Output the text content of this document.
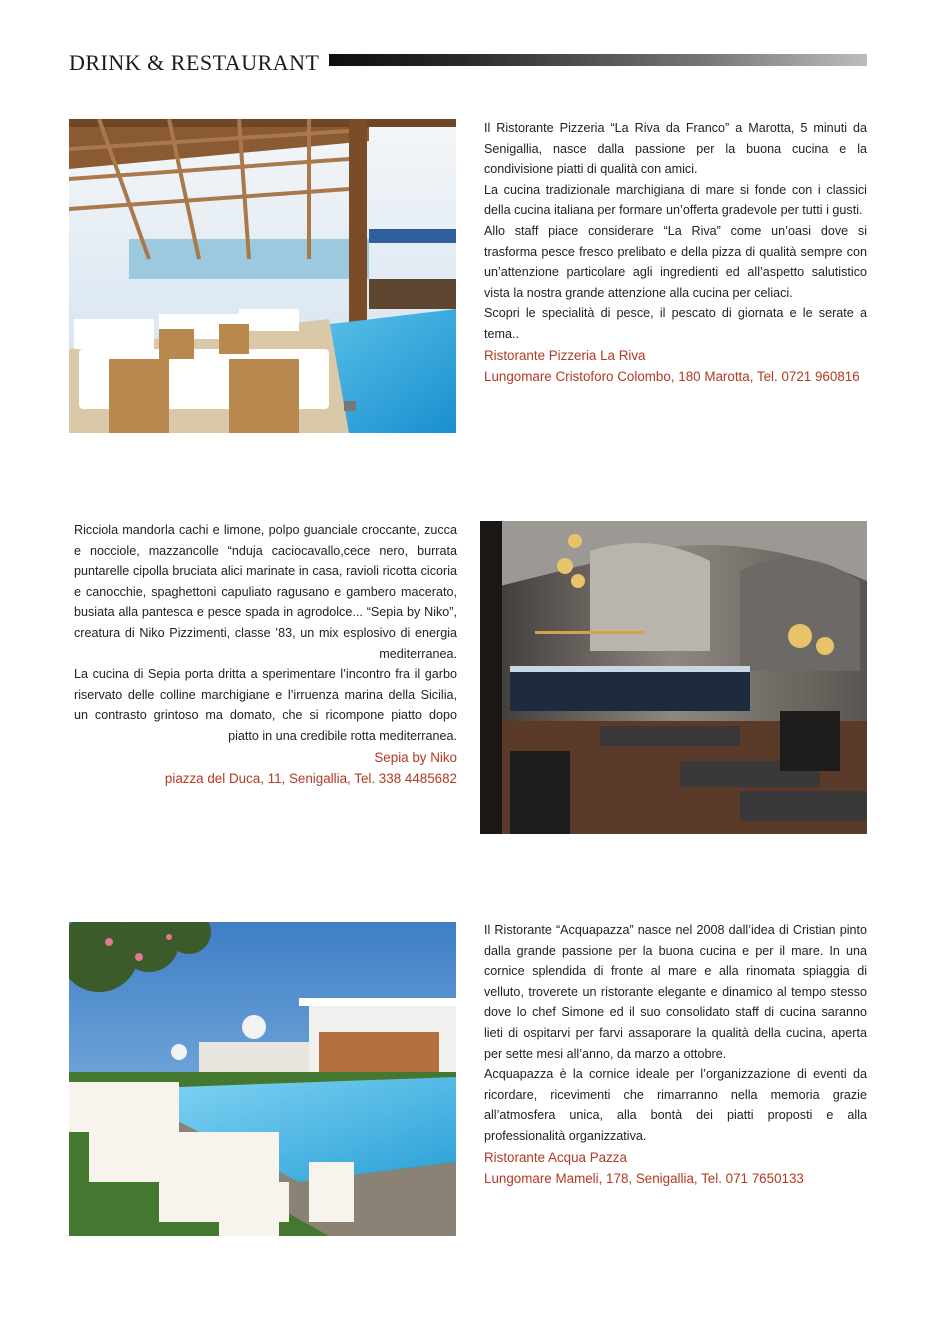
DRINK & RESTAURANT

Il Ristorante Pizzeria “La Riva da Franco” a Marotta, 5 minuti da Senigallia, nasce dalla passione per la buona cucina e la condivisione piatti di qualità con amici.

La cucina tradizionale marchigiana di mare si fonde con i classici della cucina italiana per formare un’offerta gradevole per tutti i gusti.

Allo staff piace considerare “La Riva” come un’oasi dove si trasforma pesce fresco prelibato e della pizza di qualità sempre con un’attenzione particolare agli ingredienti ed all’aspetto salutistico vista la nostra grande attenzione alla cucina per celiaci.

Scopri le specialità di pesce, il pescato di giornata e le serate a tema..

Ristorante Pizzeria La Riva

Lungomare Cristoforo Colombo, 180 Marotta, Tel. 0721 960816

Ricciola mandorla cachi e limone, polpo guanciale croccante, zucca e nocciole, mazzancolle “nduja caciocavallo,cece nero, burrata puntarelle cipolla bruciata alici marinate in casa, ravioli ricotta cicoria e canocchie, spaghettoni capuliato ragusano e gambero macerato, busiata alla pantesca e pesce spada in agrodolce... “Sepia by Niko”, creatura di Niko Pizzimenti, classe ’83, un mix esplosivo di energia mediterranea.

La cucina di Sepia porta dritta a sperimentare l’incontro fra il garbo riservato delle colline marchigiane e l’irruenza marina della Sicilia, un contrasto grintoso ma domato, che si ricompone piatto dopo piatto in una credibile rotta mediterranea.

Sepia by Niko

piazza del Duca, 11, Senigallia, Tel. 338 4485682

Il Ristorante “Acquapazza” nasce nel 2008 dall’idea di Cristian pinto dalla grande passione per la buona cucina e per il mare. In una cornice splendida di fronte al mare e alla rinomata spiaggia di velluto, troverete un ristorante elegante e dinamico al tempo stesso dove lo chef Simone ed il suo consolidato staff di cucina saranno lieti di ospitarvi per farvi assaporare la qualità della cucina, aperta per sette mesi all’anno, da marzo a ottobre.

Acquapazza è la cornice ideale per l’organizzazione di eventi da ricordare, ricevimenti che rimarranno nella memoria grazie all’atmosfera unica, alla bontà dei piatti proposti e alla professionalità organizzativa.

Ristorante Acqua Pazza

Lungomare Mameli, 178, Senigallia, Tel. 071 7650133
